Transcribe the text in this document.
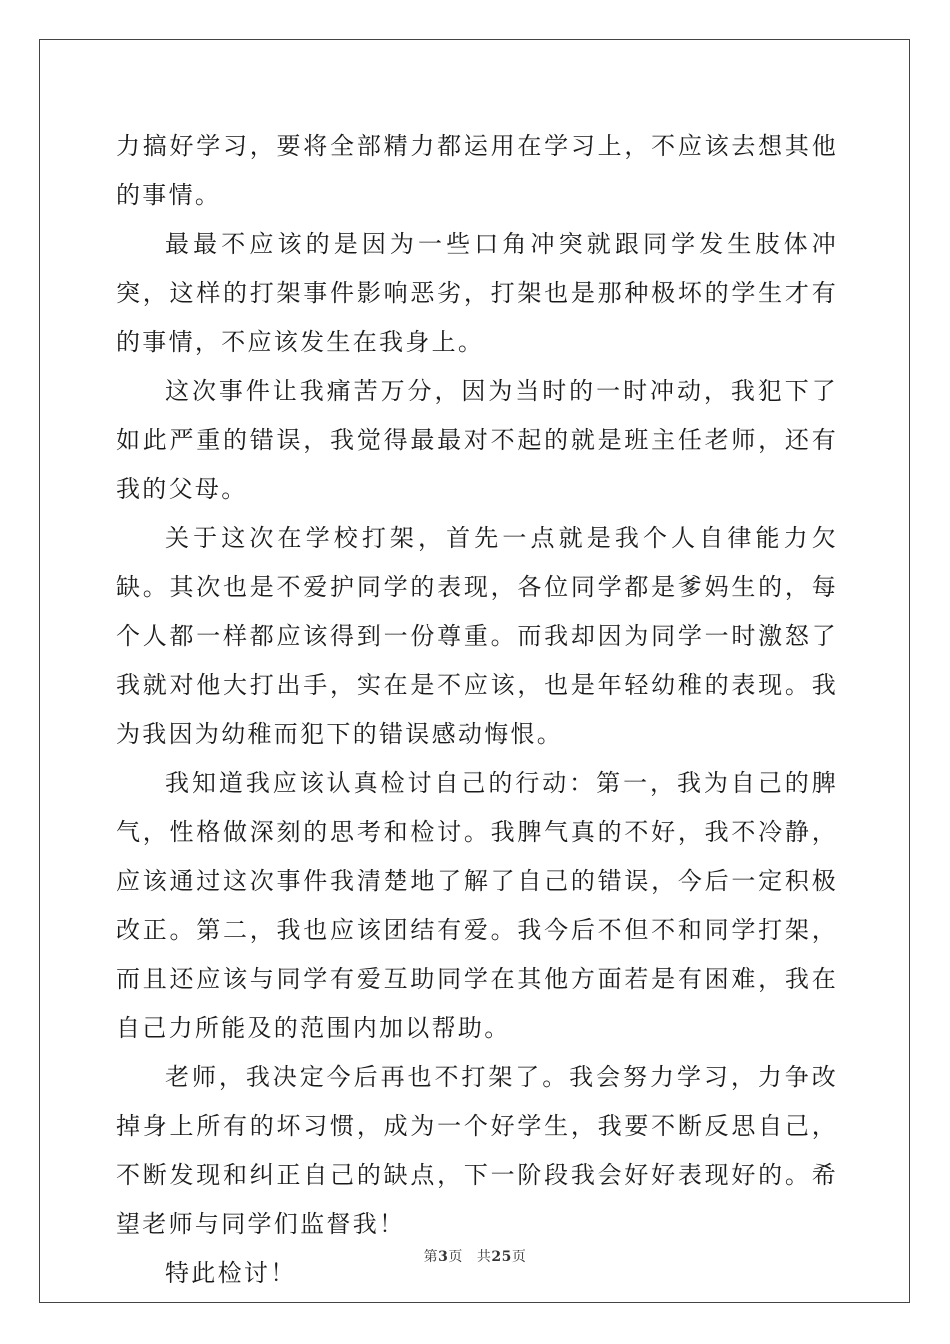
力搞好学习，要将全部精力都运用在学习上，不应该去想其他的事情。

最最不应该的是因为一些口角冲突就跟同学发生肢体冲突，这样的打架事件影响恶劣，打架也是那种极坏的学生才有的事情，不应该发生在我身上。

这次事件让我痛苦万分，因为当时的一时冲动，我犯下了如此严重的错误，我觉得最最对不起的就是班主任老师，还有我的父母。

关于这次在学校打架，首先一点就是我个人自律能力欠缺。其次也是不爱护同学的表现，各位同学都是爹妈生的，每个人都一样都应该得到一份尊重。而我却因为同学一时激怒了我就对他大打出手，实在是不应该，也是年轻幼稚的表现。我为我因为幼稚而犯下的错误感动悔恨。

我知道我应该认真检讨自己的行动：第一，我为自己的脾气，性格做深刻的思考和检讨。我脾气真的不好，我不冷静，应该通过这次事件我清楚地了解了自己的错误，今后一定积极改正。第二，我也应该团结有爱。我今后不但不和同学打架，而且还应该与同学有爱互助同学在其他方面若是有困难，我在自己力所能及的范围内加以帮助。

老师，我决定今后再也不打架了。我会努力学习，力争改掉身上所有的坏习惯，成为一个好学生，我要不断反思自己，不断发现和纠正自己的缺点，下一阶段我会好好表现好的。希望老师与同学们监督我！

特此检讨！

第3页 共25页
